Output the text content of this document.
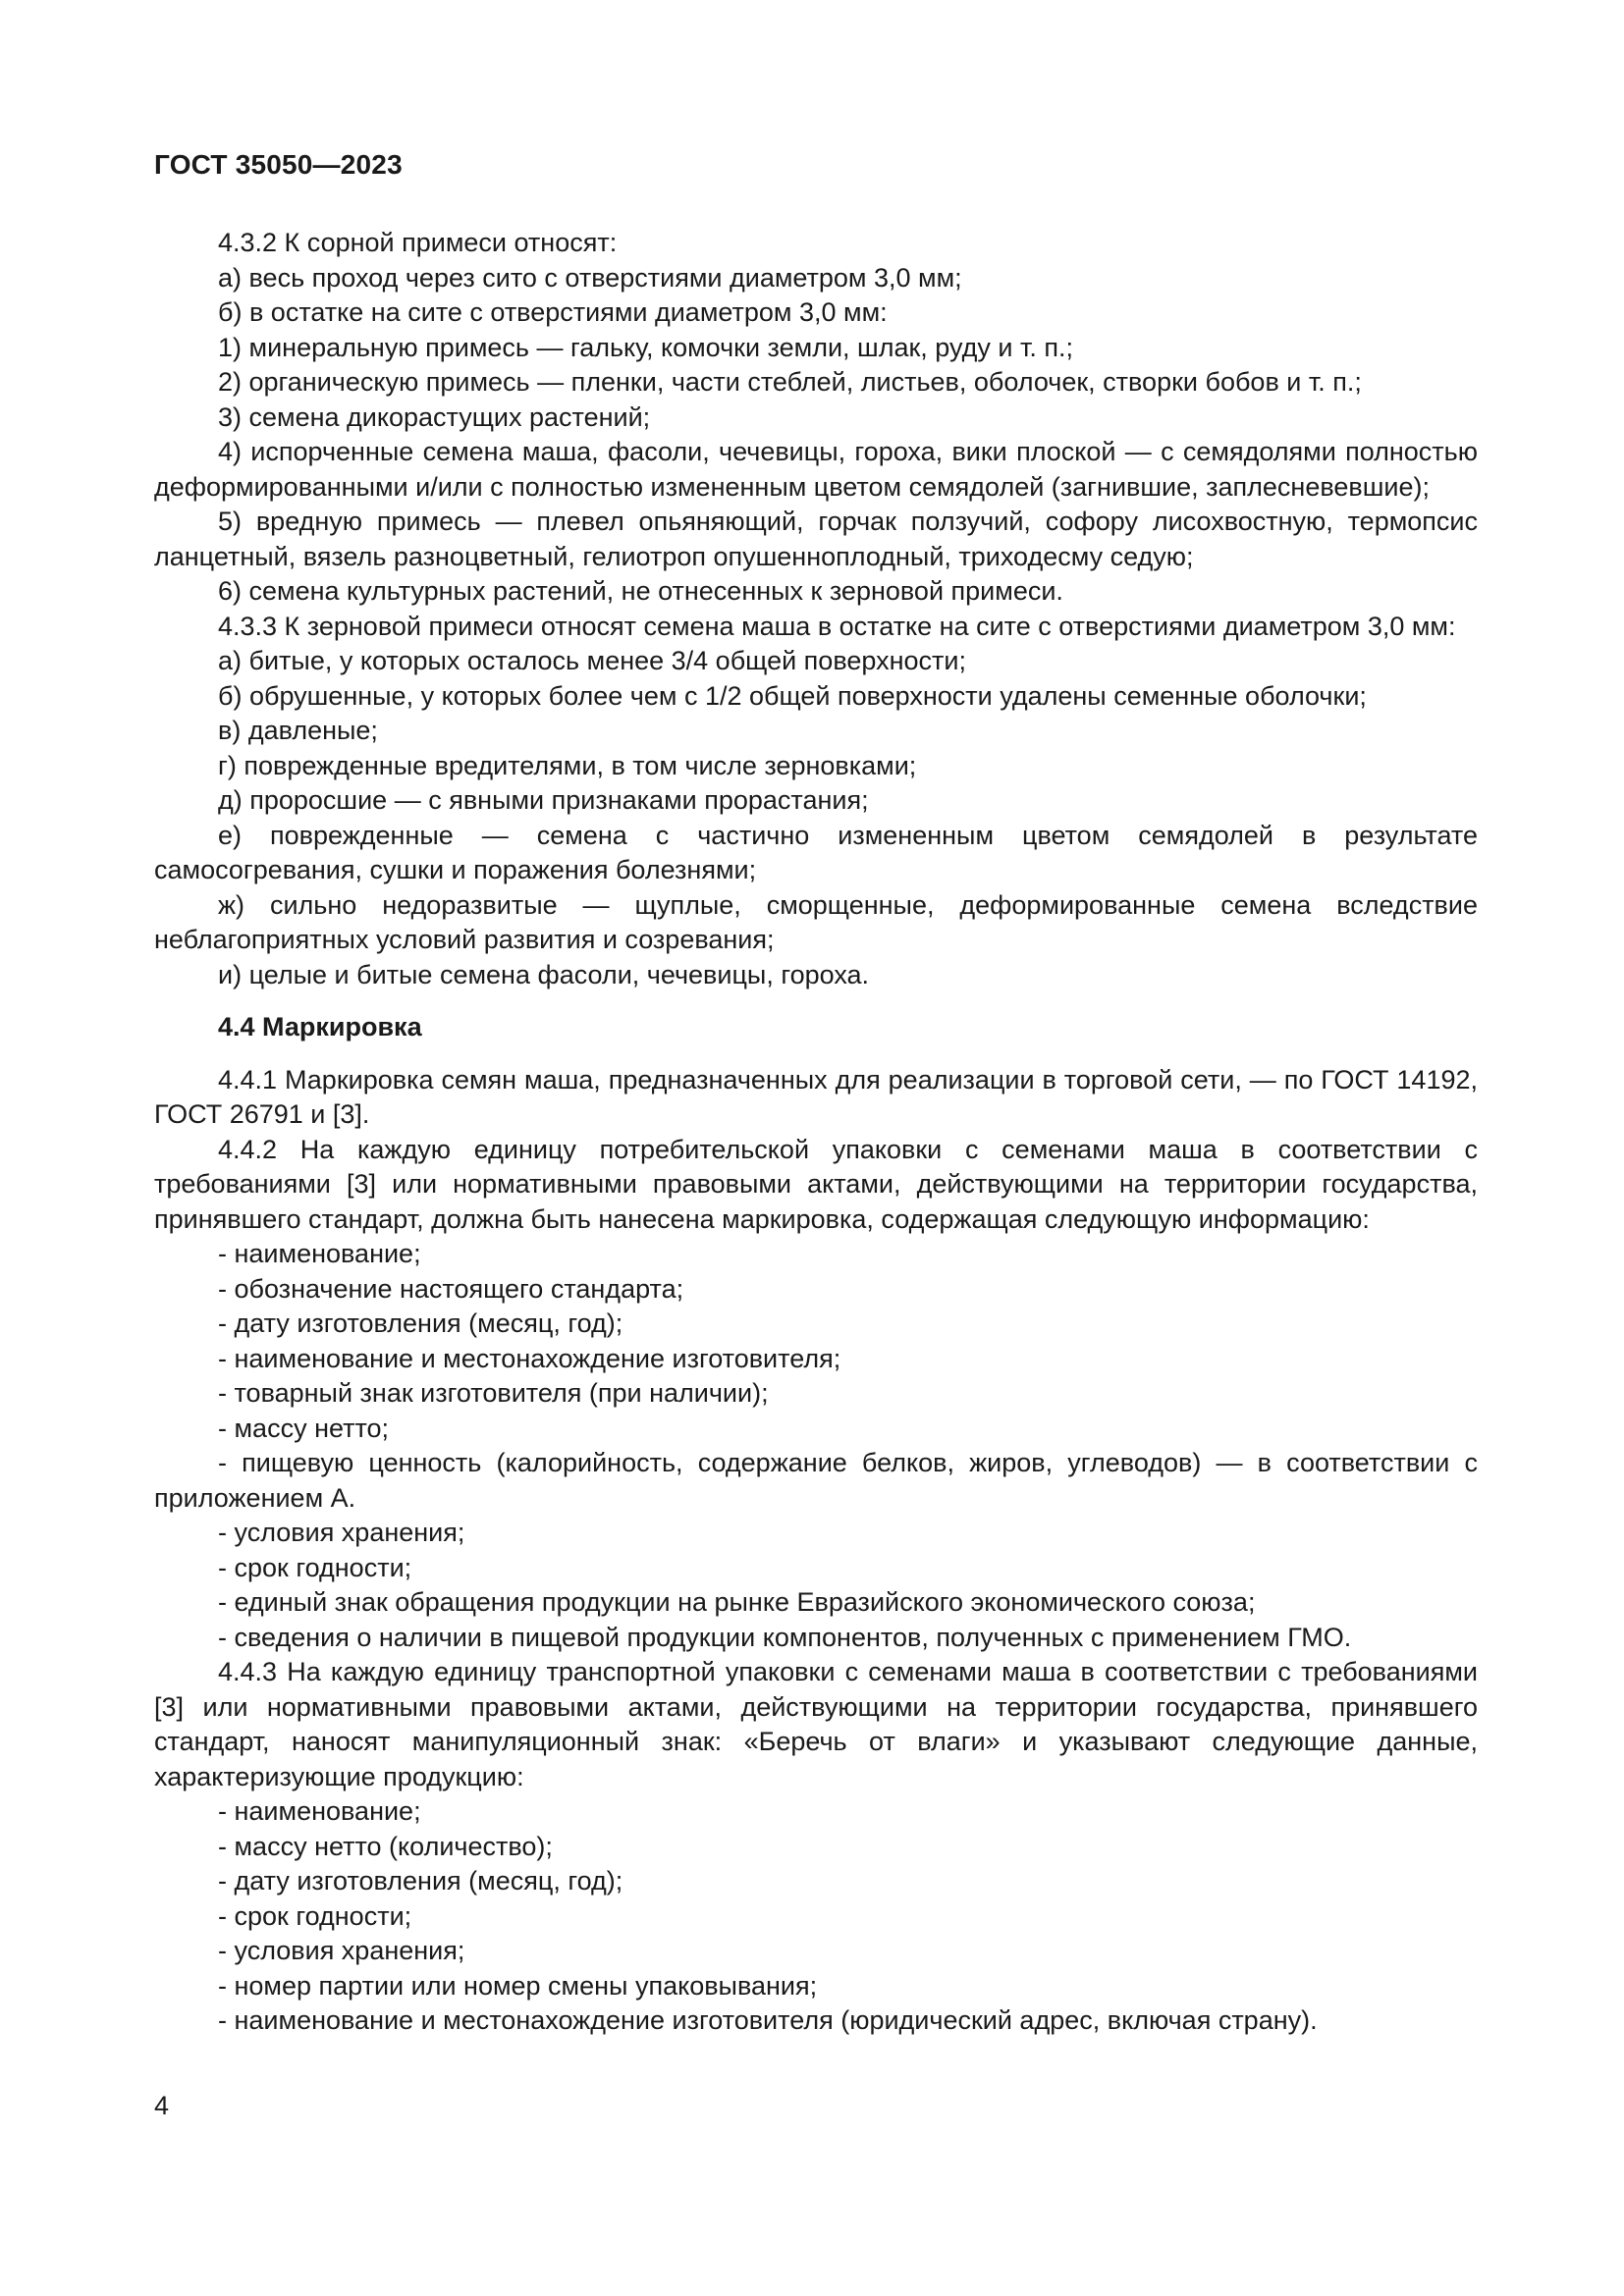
ГОСТ 35050—2023

4.3.2 К сорной примеси относят:

а) весь проход через сито с отверстиями диаметром 3,0 мм;

б) в остатке на сите с отверстиями диаметром 3,0 мм:

1) минеральную примесь — гальку, комочки земли, шлак, руду и т. п.;

2) органическую примесь — пленки, части стеблей, листьев, оболочек, створки бобов и т. п.;

3) семена дикорастущих растений;

4) испорченные семена маша, фасоли, чечевицы, гороха, вики плоской — с семядолями полностью деформированными и/или с полностью измененным цветом семядолей (загнившие, заплесневевшие);

5) вредную примесь — плевел опьяняющий, горчак ползучий, софору лисохвостную, термопсис ланцетный, вязель разноцветный, гелиотроп опушенноплодный, триходесму седую;

6) семена культурных растений, не отнесенных к зерновой примеси.

4.3.3 К зерновой примеси относят семена маша в остатке на сите с отверстиями диаметром 3,0 мм:

а) битые, у которых осталось менее 3/4 общей поверхности;

б) обрушенные, у которых более чем с 1/2 общей поверхности удалены семенные оболочки;

в) давленые;

г) поврежденные вредителями, в том числе зерновками;

д) проросшие — с явными признаками прорастания;

е) поврежденные — семена с частично измененным цветом семядолей в результате самосогревания, сушки и поражения болезнями;

ж) сильно недоразвитые — щуплые, сморщенные, деформированные семена вследствие неблагоприятных условий развития и созревания;

и) целые и битые семена фасоли, чечевицы, гороха.

4.4 Маркировка

4.4.1 Маркировка семян маша, предназначенных для реализации в торговой сети, — по ГОСТ 14192, ГОСТ 26791 и [3].

4.4.2 На каждую единицу потребительской упаковки с семенами маша в соответствии с требованиями [3] или нормативными правовыми актами, действующими на территории государства, принявшего стандарт, должна быть нанесена маркировка, содержащая следующую информацию:

- наименование;

- обозначение настоящего стандарта;

- дату изготовления (месяц, год);

- наименование и местонахождение изготовителя;

- товарный знак изготовителя (при наличии);

- массу нетто;

- пищевую ценность (калорийность, содержание белков, жиров, углеводов) — в соответствии с приложением А.

- условия хранения;

- срок годности;

- единый знак обращения продукции на рынке Евразийского экономического союза;

- сведения о наличии в пищевой продукции компонентов, полученных с применением ГМО.

4.4.3 На каждую единицу транспортной упаковки с семенами маша в соответствии с требованиями [3] или нормативными правовыми актами, действующими на территории государства, принявшего стандарт, наносят манипуляционный знак: «Беречь от влаги» и указывают следующие данные, характеризующие продукцию:

- наименование;

- массу нетто (количество);

- дату изготовления (месяц, год);

- срок годности;

- условия хранения;

- номер партии или номер смены упаковывания;

- наименование и местонахождение изготовителя (юридический адрес, включая страну).

4
